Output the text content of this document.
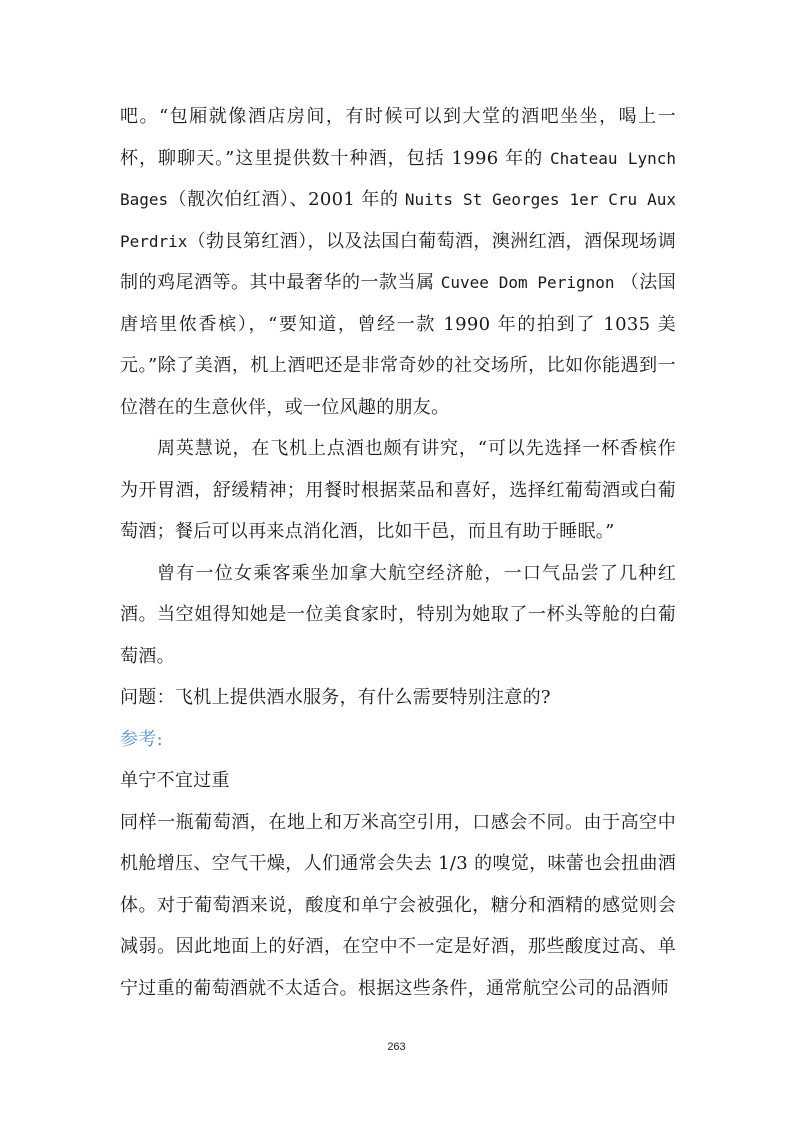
吧。“包厢就像酒店房间，有时候可以到大堂的酒吧坐坐，喝上一杯，聊聊天。”这里提供数十种酒，包括 1996 年的 Chateau Lynch Bages（靓次伯红酒）、2001 年的 Nuits St Georges 1er Cru Aux Perdrix（勃艮第红酒），以及法国白葡萄酒，澳洲红酒，酒保现场调制的鸡尾酒等。其中最奢华的一款当属 Cuvee Dom Perignon （法国唐培里侬香槟），“要知道，曾经一款 1990 年的拍到了 1035 美元。”除了美酒，机上酒吧还是非常奇妙的社交场所，比如你能遇到一位潜在的生意伙伴，或一位风趣的朋友。

周英慧说，在飞机上点酒也颇有讲究，“可以先选择一杯香槟作为开胃酒，舒缓精神；用餐时根据菜品和喜好，选择红葡萄酒或白葡萄酒；餐后可以再来点消化酒，比如干邑，而且有助于睡眠。”

曾有一位女乘客乘坐加拿大航空经济舱，一口气品尝了几种红酒。当空姐得知她是一位美食家时，特别为她取了一杯头等舱的白葡萄酒。

问题：飞机上提供酒水服务，有什么需要特别注意的?

参考:

单宁不宜过重

同样一瓶葡萄酒，在地上和万米高空引用，口感会不同。由于高空中机舱增压、空气干燥，人们通常会失去 1/3 的嗅觉，味蕾也会扭曲酒体。对于葡萄酒来说，酸度和单宁会被强化，糖分和酒精的感觉则会减弱。因此地面上的好酒，在空中不一定是好酒，那些酸度过高、单宁过重的葡萄酒就不太适合。根据这些条件，通常航空公司的品酒师

263
